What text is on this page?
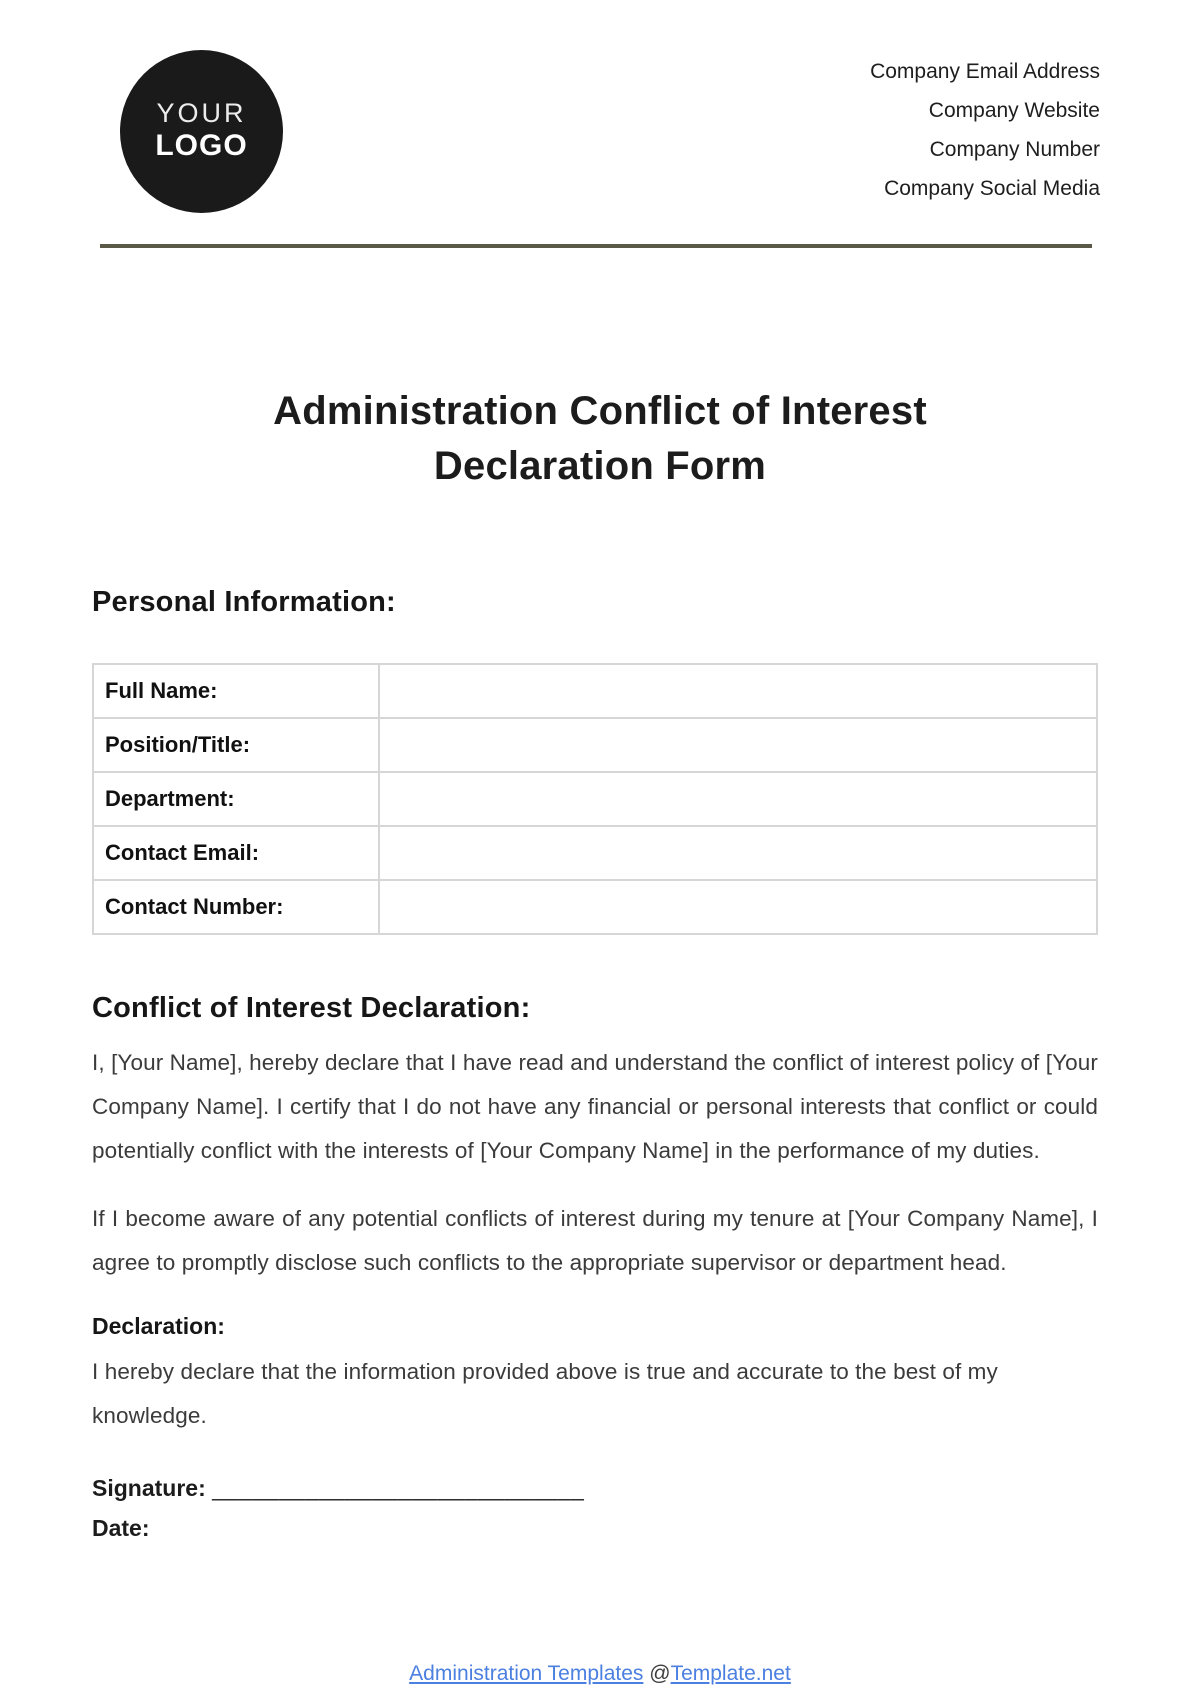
YOUR
LOGO
Company Email Address
Company Website
Company Number
Company Social Media
Administration Conflict of Interest Declaration Form
Personal Information:
Full Name:	
Position/Title:	
Department:	
Contact Email:	
Contact Number:	
Conflict of Interest Declaration:

I, [Your Name], hereby declare that I have read and understand the conflict of interest policy of [Your Company Name]. I certify that I do not have any financial or personal interests that conflict or could potentially conflict with the interests of [Your Company Name] in the performance of my duties.

If I become aware of any potential conflicts of interest during my tenure at [Your Company Name], I agree to promptly disclose such conflicts to the appropriate supervisor or department head.

Declaration:

I hereby declare that the information provided above is true and accurate to the best of my knowledge.

Signature: ____________________________
Date:
Administration Templates @Template.net
